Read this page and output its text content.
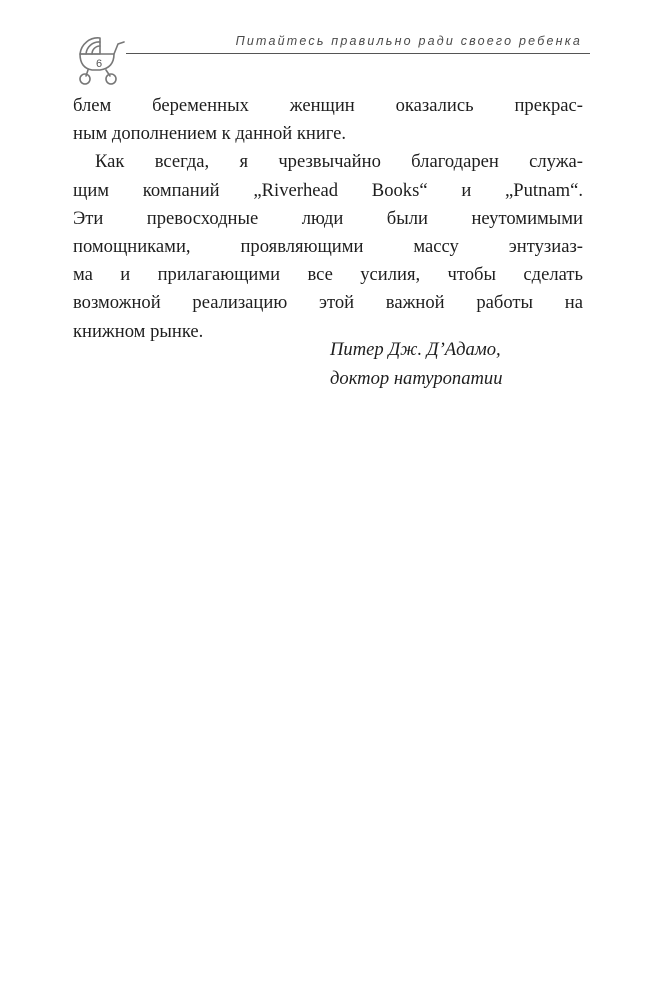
6
Питайтесь правильно ради своего ребенка
блем беременных женщин оказались прекрас-
ным дополнением к данной книге.
Как всегда, я чрезвычайно благодарен служа-
щим компаний „Riverhead Books“ и „Putnam“.
Эти превосходные люди были неутомимыми
помощниками, проявляющими массу энтузиаз-
ма и прилагающими все усилия, чтобы сделать
возможной реализацию этой важной работы на
книжном рынке.
Питер Дж. Д’Адамо,
доктор натуропатии
